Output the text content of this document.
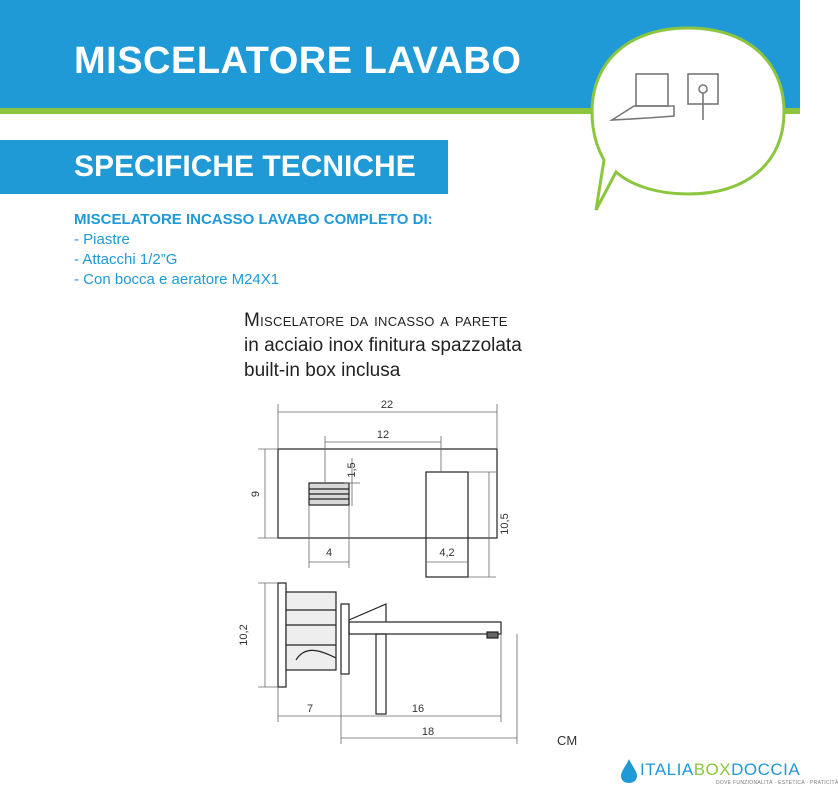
MISCELATORE LAVABO
SPECIFICHE TECNICHE
MISCELATORE INCASSO LAVABO COMPLETO DI:
- Piastre
- Attacchi 1/2”G
- Con bocca e aeratore M24X1
Miscelatore da incasso a parete
in acciaio inox finitura spazzolata
built-in box inclusa
22
12
1,5
9
4	4,2
10,5
10,2
7	16
18
CM
ITALIABOXDOCCIA
DOVE FUNZIONALITÀ · ESTETICA · PRATICITÀ
